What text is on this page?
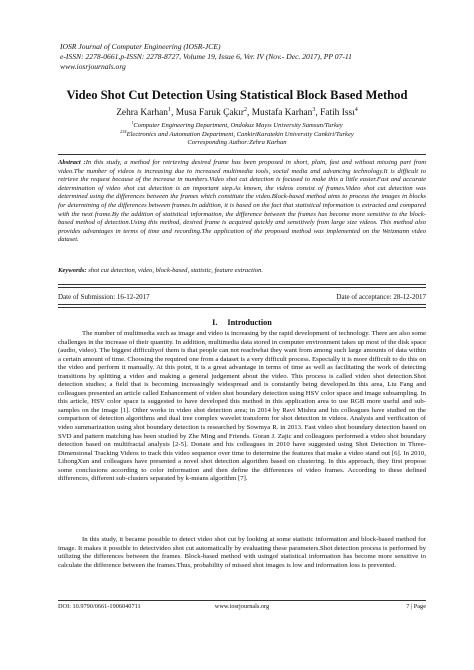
IOSR Journal of Computer Engineering (IOSR-JCE)
e-ISSN: 2278-0661,p-ISSN: 2278-8727, Volume 19, Issue 6, Ver. IV (Nov.- Dec. 2017), PP 07-11
www.iosrjournals.org
Video Shot Cut Detection Using Statistical Block Based Method
Zehra Karhan$^1$, Musa Faruk Çakır$^2$, Mustafa Karhan$^3$, Fatih Issı$^4$
$^1$Computer Engineering Department, Ondokuz Mayıs University Samsun/Turkey
$^{234}$Electronics and Automation Department, CankiriKaratekin University Cankiri/Turkey
Corresponding Author:Zehra Karhan
Abstract :In this study, a method for retrieving desired frame has been proposed in short, plain, fast and without missing part from video.The number of videos is increasing due to increased multimedia tools, social media and advancing technology.It is difficult to retrieve the request because of the increase in numbers.Video shot cut detection is focused to make this a little easier.Fast and accurate determination of video shot cut detection is an important step.As known, the videos consist of frames.Video shot cut detection was determined using the differences between the frames which constitute the video.Block-based method aims to process the images in blocks for determining of the differences between frames.In addition, it is based on the fact that statistical information is extracted and compared with the next frame.By the addition of statistical information, the difference between the frames has become more sensitive to the block-based method of detection.Using this method, desired frame is acquired quickly and sensitively from large size videos. This method also provides advantages in terms of time and recording.The application of the proposed method was implemented on the Weizmann video dataset.
Keywords: shot cut detection, video, block-based, statistic, feature extraction.
Date of Submission: 16-12-2017	Date of acceptance: 28-12-2017
I. Introduction
The number of multimedia such as image and video is increasing by the rapid development of technology. There are also some challenges in the increase of their quantity. In addition, multimedia data stored in computer environment takes up most of the disk space (audio, video). The biggest difficultyof them is that people can not reachwhat they want from among such large amounts of data within a certain amount of time. Choosing the required one from a dataset is a very difficult process. Especially it is more difficult to do this on the video and perform it manually. At this point, it is a great advantage in terms of time as well as facilitating the work of detecting transitions by splitting a video and making a general judgement about the video. This process is called video shot detection.Shot detection studies; a field that is becoming increasingly widespread and is constantly being developed.In this area, Liu Fang and colleagues presented an article called Enhancement of video shot boundary detection using HSV color space and image subsampling. In this article, HSV color space is suggested to have developed this method in this application area to use RGB more useful and sub-samples on the image [1]. Other works in video shot detection area; in 2014 by Ravi Mishra and his colleagues have studied on the comparison of detection algorithms and dual tree complex wavelet transform for shot detection in videos. Analysis and verification of video summarization using shot boundary detection is researched by Sowmya R. in 2013. Fast video shot boundary detection based on SVD and pattern matching has been studied by Zhe Ming and Friends. Goran J. Zajic and colleagues performed a video shot boundary detection based on multifractal analysis [2-5]. Donate and his colleagues in 2010 have suggested using Shot Detection in Three-Dimensional Tracking Videos to track this video sequence over time to determine the features that make a video stand out [6]. In 2010, LihongXun and colleagues have presented a novel shot detection algorithm based on clustering. In this approach, they first propose some conclusions according to color information and then define the differences of video frames. According to these defined differences, different sub-clusters separated by k-means algorithm [7].
In this study, it became possible to detect video shot cut by looking at some statistic information and block-based method for image. It makes it possible to detectvideo shot cut automatically by evaluating these parameters.Shot detection process is performed by utilizing the differences between the frames. Block-based method with usingof statistical information has become more sensitive to calculate the difference between the frames.Thus, probability of missed shot images is low and information loss is prevented.
DOI: 10.9790/0661-1906040711	www.iosrjournals.org	7 | Page
